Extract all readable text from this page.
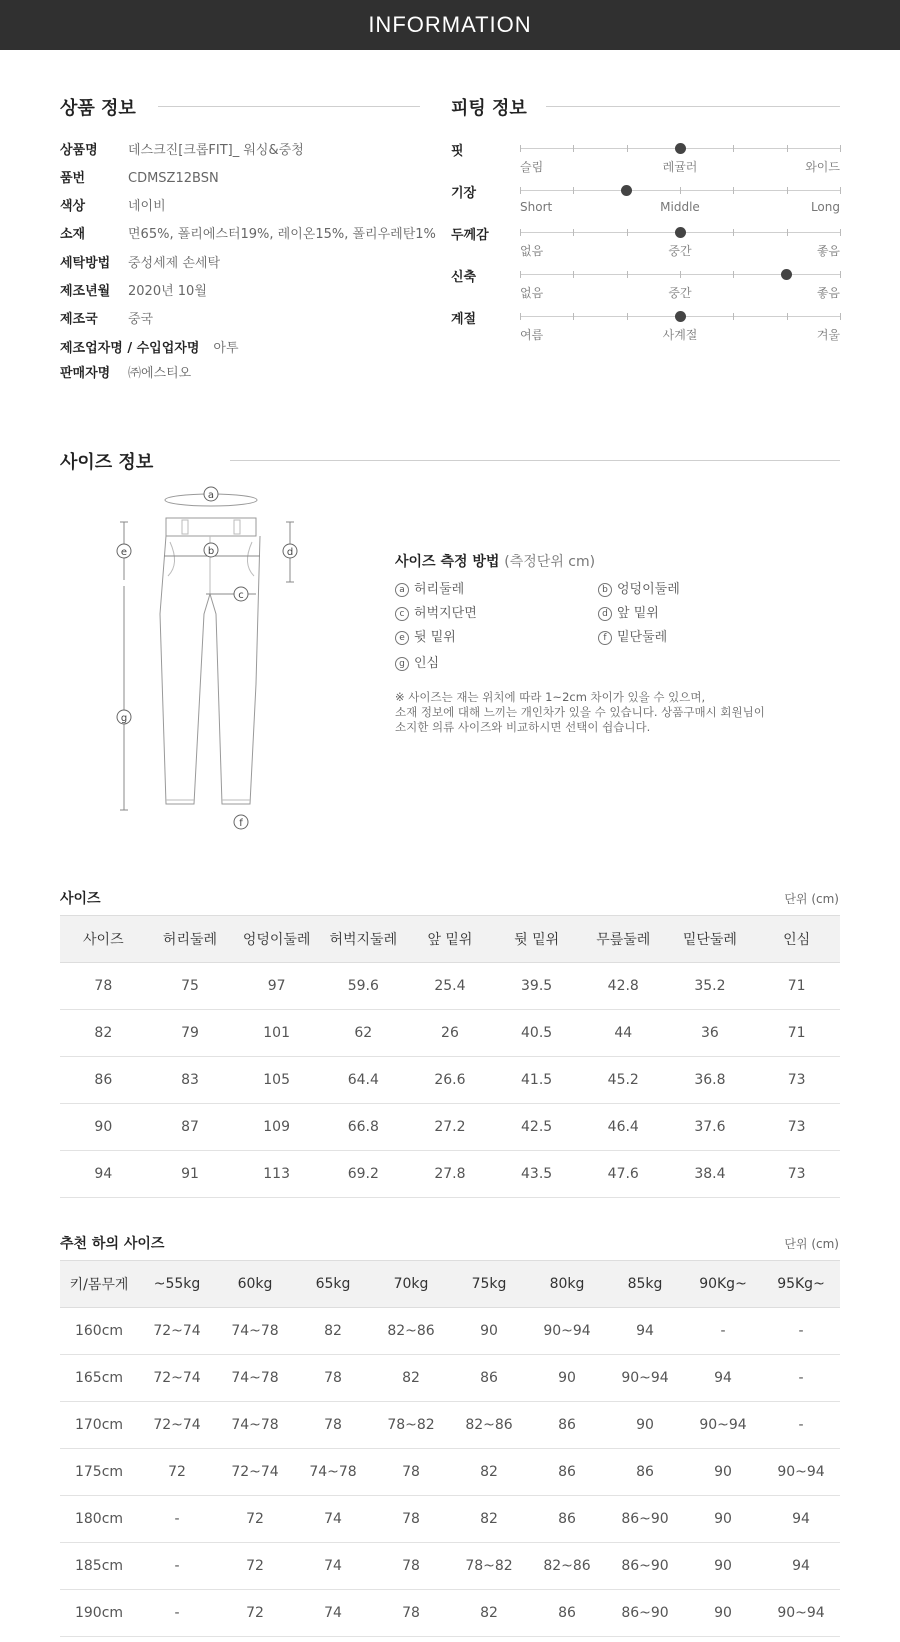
INFORMATION
상품 정보
상품명 데스크진[크롭FIT]_ 워싱&중청
품번	CDMSZ12BSN
색상	네이비
소재	면65%, 폴리에스터19%, 레이온15%, 폴리우레탄1%
세탁방법 중성세제 손세탁
제조년월 2020년 10월
제조국 중국
제조업자명 / 수입업자명 아투
판매자명 ㈜에스티오
피팅 정보
핏
슬림	레귤러	와이드
기장
Short	Middle	Long
두께감
없음	중간	좋음
신축
없음	중간	좋음
계절
여름	사계절	겨울
사이즈 정보
a
b
c
d
e
g
f
사이즈 측정 방법 (측정단위 cm)
a 허리둘레	b 엉덩이둘레
c 허벅지단면	d 앞 밑위
e 뒷 밑위	f 밑단둘레
g 인심
※ 사이즈는 재는 위치에 따라 1~2cm 차이가 있을 수 있으며,
소재 정보에 대해 느끼는 개인차가 있을 수 있습니다. 상품구매시 회원님이
소지한 의류 사이즈와 비교하시면 선택이 쉽습니다.
사이즈	단위 (cm)
사이즈	허리둘레	엉덩이둘레	허벅지둘레	앞 밑위	뒷 밑위	무릎둘레	밑단둘레	인심
78	75	97	59.6	25.4	39.5	42.8	35.2	71
82	79	101	62	26	40.5	44	36	71
86	83	105	64.4	26.6	41.5	45.2	36.8	73
90	87	109	66.8	27.2	42.5	46.4	37.6	73
94	91	113	69.2	27.8	43.5	47.6	38.4	73
추천 하의 사이즈	단위 (cm)
키/몸무게	~55kg	60kg	65kg	70kg	75kg	80kg	85kg	90Kg~	95Kg~
160cm	72~74	74~78	82	82~86	90	90~94	94	-	-
165cm	72~74	74~78	78	82	86	90	90~94	94	-
170cm	72~74	74~78	78	78~82	82~86	86	90	90~94	-
175cm	72	72~74	74~78	78	82	86	86	90	90~94
180cm	-	72	74	78	82	86	86~90	90	94
185cm	-	72	74	78	78~82	82~86	86~90	90	94
190cm	-	72	74	78	82	86	86~90	90	90~94
